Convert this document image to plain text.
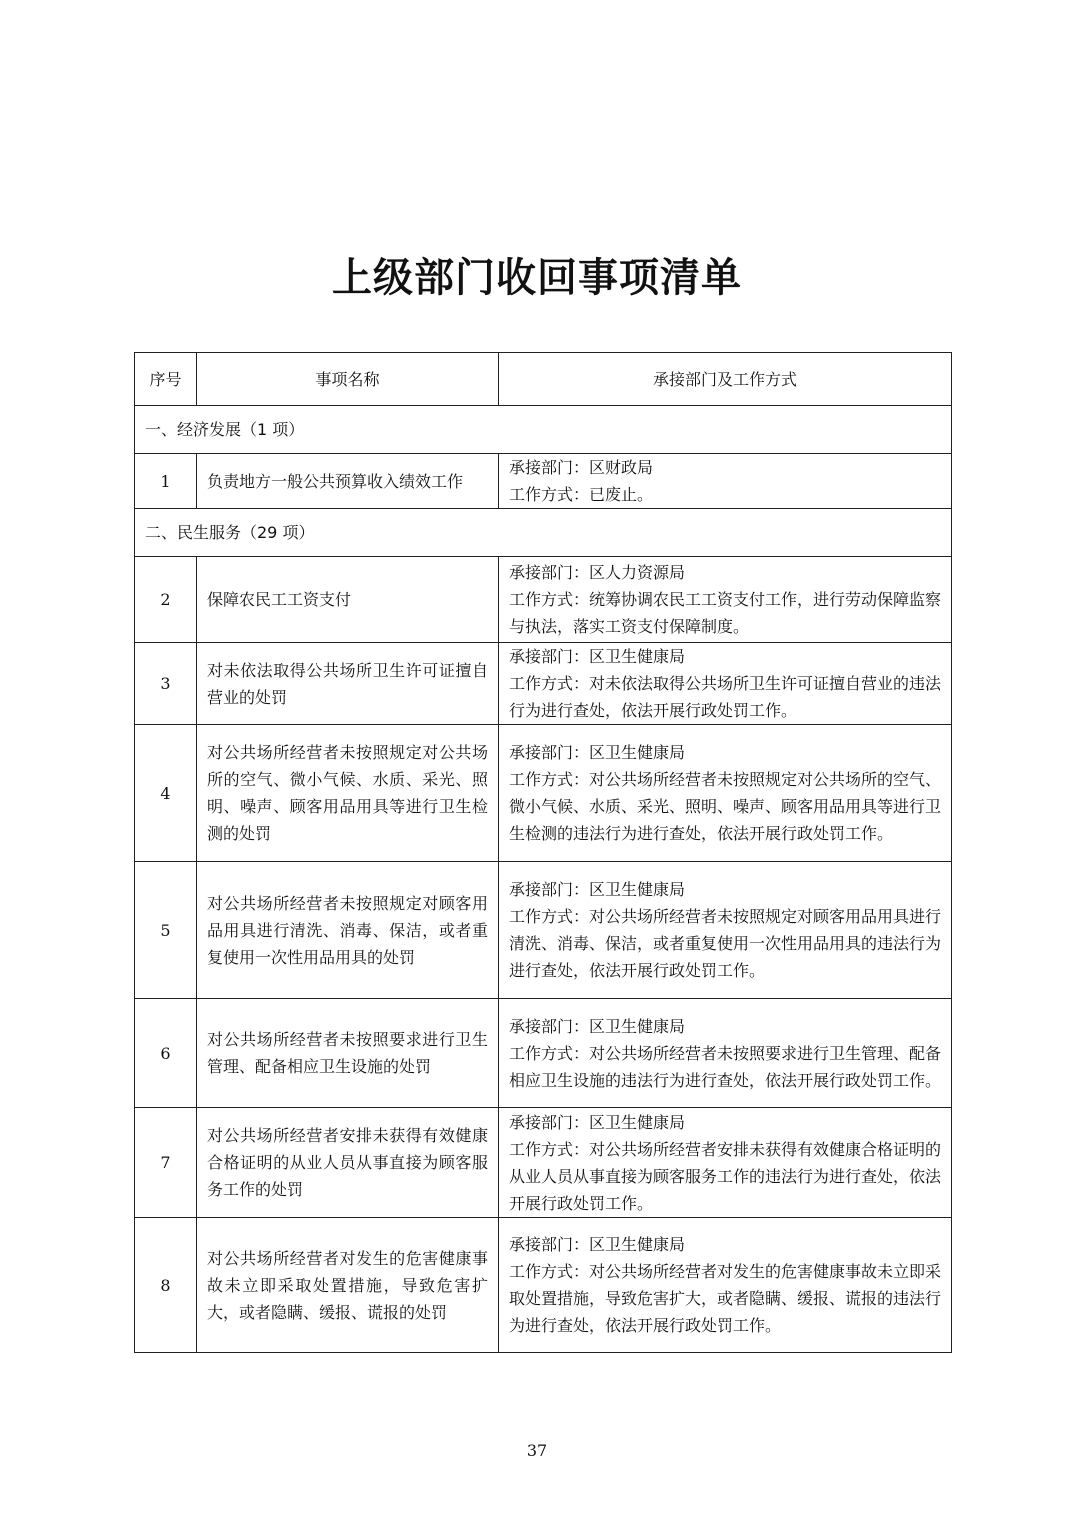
上级部门收回事项清单
序号	事项名称	承接部门及工作方式
一、经济发展（1 项）		
1	负责地方一般公共预算收入绩效工作	承接部门：区财政局
工作方式：已废止。

二、民生服务（29 项）		
2	保障农民工工资支付	承接部门：区人力资源局
工作方式：统筹协调农民工工资支付工作，进行劳动保障监察与执法，落实工资支付保障制度。

3	对未依法取得公共场所卫生许可证擅自营业的处罚	承接部门：区卫生健康局
工作方式：对未依法取得公共场所卫生许可证擅自营业的违法行为进行查处，依法开展行政处罚工作。

4	对公共场所经营者未按照规定对公共场所的空气、微小气候、水质、采光、照明、噪声、顾客用品用具等进行卫生检测的处罚	承接部门：区卫生健康局
工作方式：对公共场所经营者未按照规定对公共场所的空气、微小气候、水质、采光、照明、噪声、顾客用品用具等进行卫生检测的违法行为进行查处，依法开展行政处罚工作。

5	对公共场所经营者未按照规定对顾客用品用具进行清洗、消毒、保洁，或者重复使用一次性用品用具的处罚	承接部门：区卫生健康局
工作方式：对公共场所经营者未按照规定对顾客用品用具进行清洗、消毒、保洁，或者重复使用一次性用品用具的违法行为进行查处，依法开展行政处罚工作。

6	对公共场所经营者未按照要求进行卫生管理、配备相应卫生设施的处罚	承接部门：区卫生健康局
工作方式：对公共场所经营者未按照要求进行卫生管理、配备相应卫生设施的违法行为进行查处，依法开展行政处罚工作。

7	对公共场所经营者安排未获得有效健康合格证明的从业人员从事直接为顾客服务工作的处罚	承接部门：区卫生健康局
工作方式：对公共场所经营者安排未获得有效健康合格证明的从业人员从事直接为顾客服务工作的违法行为进行查处，依法开展行政处罚工作。

8	对公共场所经营者对发生的危害健康事故未立即采取处置措施，导致危害扩大，或者隐瞒、缓报、谎报的处罚	承接部门：区卫生健康局
工作方式：对公共场所经营者对发生的危害健康事故未立即采取处置措施，导致危害扩大，或者隐瞒、缓报、谎报的违法行为进行查处，依法开展行政处罚工作。
37
